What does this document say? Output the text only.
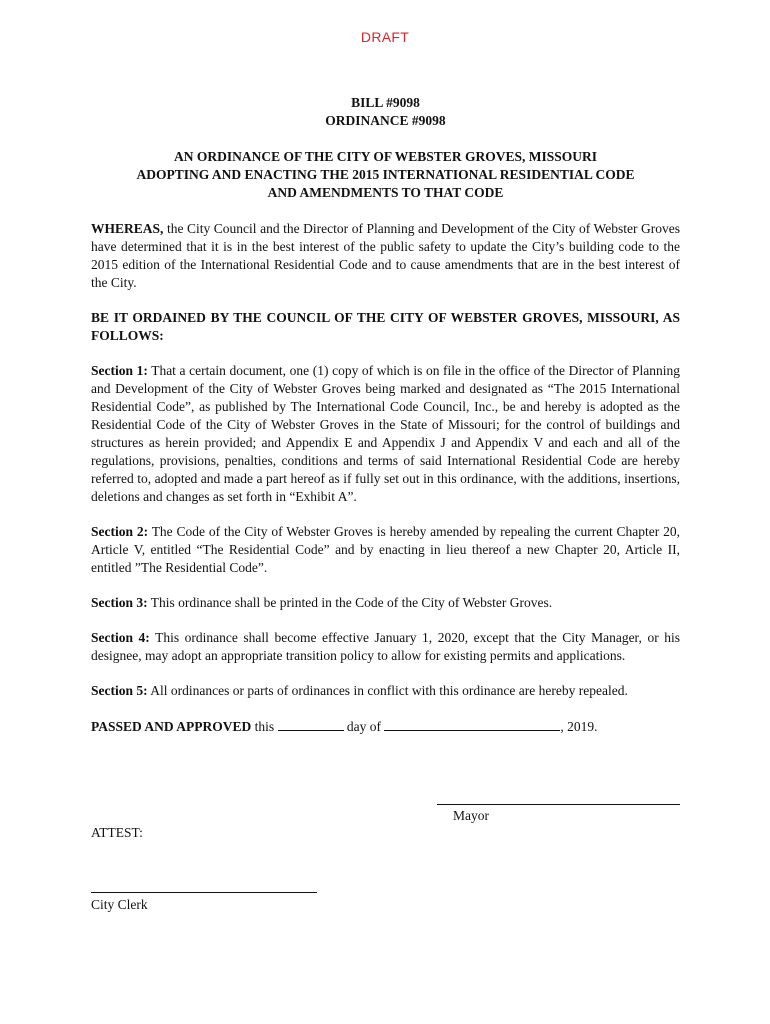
DRAFT
BILL #9098
ORDINANCE #9098
AN ORDINANCE OF THE CITY OF WEBSTER GROVES, MISSOURI
ADOPTING AND ENACTING THE 2015 INTERNATIONAL RESIDENTIAL CODE
AND AMENDMENTS TO THAT CODE

WHEREAS, the City Council and the Director of Planning and Development of the City of Webster Groves have determined that it is in the best interest of the public safety to update the City’s building code to the 2015 edition of the International Residential Code and to cause amendments that are in the best interest of the City.

BE IT ORDAINED BY THE COUNCIL OF THE CITY OF WEBSTER GROVES, MISSOURI, AS FOLLOWS:

Section 1: That a certain document, one (1) copy of which is on file in the office of the Director of Planning and Development of the City of Webster Groves being marked and designated as “The 2015 International Residential Code”, as published by The International Code Council, Inc., be and hereby is adopted as the Residential Code of the City of Webster Groves in the State of Missouri; for the control of buildings and structures as herein provided; and Appendix E and Appendix J and Appendix V and each and all of the regulations, provisions, penalties, conditions and terms of said International Residential Code are hereby referred to, adopted and made a part hereof as if fully set out in this ordinance, with the additions, insertions, deletions and changes as set forth in “Exhibit A”.

Section 2: The Code of the City of Webster Groves is hereby amended by repealing the current Chapter 20, Article V, entitled “The Residential Code” and by enacting in lieu thereof a new Chapter 20, Article II, entitled ”The Residential Code”.

Section 3: This ordinance shall be printed in the Code of the City of Webster Groves.

Section 4: This ordinance shall become effective January 1, 2020, except that the City Manager, or his designee, may adopt an appropriate transition policy to allow for existing permits and applications.

Section 5: All ordinances or parts of ordinances in conflict with this ordinance are hereby repealed.

PASSED AND APPROVED this	day of	, 2019.

Mayor
ATTEST:
City Clerk
